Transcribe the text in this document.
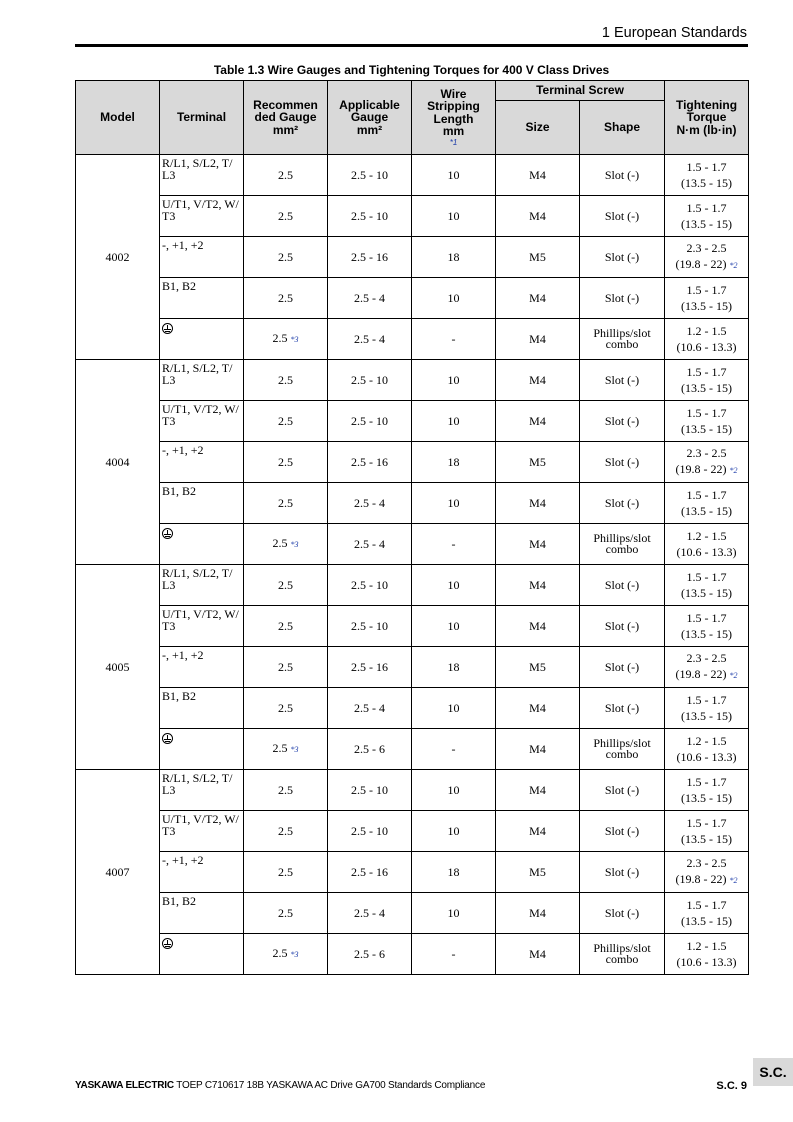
1 European Standards
Table 1.3 Wire Gauges and Tightening Torques for 400 V Class Drives
Model	Terminal	Recommen
ded Gauge
mm²	Applicable
Gauge
mm²	Wire
Stripping
Length
mm
*1	Terminal Screw		Tightening
Torque
N·m (lb·in)
					Size	Shape	
4002	R/L1, S/L2, T/ L3	2.5	2.5 - 10	10	M4	Slot (-)	1.5 - 1.7
(13.5 - 15)
	U/T1, V/T2, W/ T3	2.5	2.5 - 10	10	M4	Slot (-)	1.5 - 1.7
(13.5 - 15)
	-, +1, +2	2.5	2.5 - 16	18	M5	Slot (-)	2.3 - 2.5
(19.8 - 22) *2
	B1, B2	2.5	2.5 - 4	10	M4	Slot (-)	1.5 - 1.7
(13.5 - 15)
		2.5 *3	2.5 - 4	-	M4	Phillips/slot combo	1.2 - 1.5
(10.6 - 13.3)
4004	R/L1, S/L2, T/ L3	2.5	2.5 - 10	10	M4	Slot (-)	1.5 - 1.7
(13.5 - 15)
	U/T1, V/T2, W/ T3	2.5	2.5 - 10	10	M4	Slot (-)	1.5 - 1.7
(13.5 - 15)
	-, +1, +2	2.5	2.5 - 16	18	M5	Slot (-)	2.3 - 2.5
(19.8 - 22) *2
	B1, B2	2.5	2.5 - 4	10	M4	Slot (-)	1.5 - 1.7
(13.5 - 15)
		2.5 *3	2.5 - 4	-	M4	Phillips/slot combo	1.2 - 1.5
(10.6 - 13.3)
4005	R/L1, S/L2, T/ L3	2.5	2.5 - 10	10	M4	Slot (-)	1.5 - 1.7
(13.5 - 15)
	U/T1, V/T2, W/ T3	2.5	2.5 - 10	10	M4	Slot (-)	1.5 - 1.7
(13.5 - 15)
	-, +1, +2	2.5	2.5 - 16	18	M5	Slot (-)	2.3 - 2.5
(19.8 - 22) *2
	B1, B2	2.5	2.5 - 4	10	M4	Slot (-)	1.5 - 1.7
(13.5 - 15)
		2.5 *3	2.5 - 6	-	M4	Phillips/slot combo	1.2 - 1.5
(10.6 - 13.3)
4007	R/L1, S/L2, T/ L3	2.5	2.5 - 10	10	M4	Slot (-)	1.5 - 1.7
(13.5 - 15)
	U/T1, V/T2, W/ T3	2.5	2.5 - 10	10	M4	Slot (-)	1.5 - 1.7
(13.5 - 15)
	-, +1, +2	2.5	2.5 - 16	18	M5	Slot (-)	2.3 - 2.5
(19.8 - 22) *2
	B1, B2	2.5	2.5 - 4	10	M4	Slot (-)	1.5 - 1.7
(13.5 - 15)
		2.5 *3	2.5 - 6	-	M4	Phillips/slot combo	1.2 - 1.5
(10.6 - 13.3)
YASKAWA ELECTRIC TOEP C710617 18B YASKAWA AC Drive GA700 Standards Compliance	S.C. 9
S.C.
